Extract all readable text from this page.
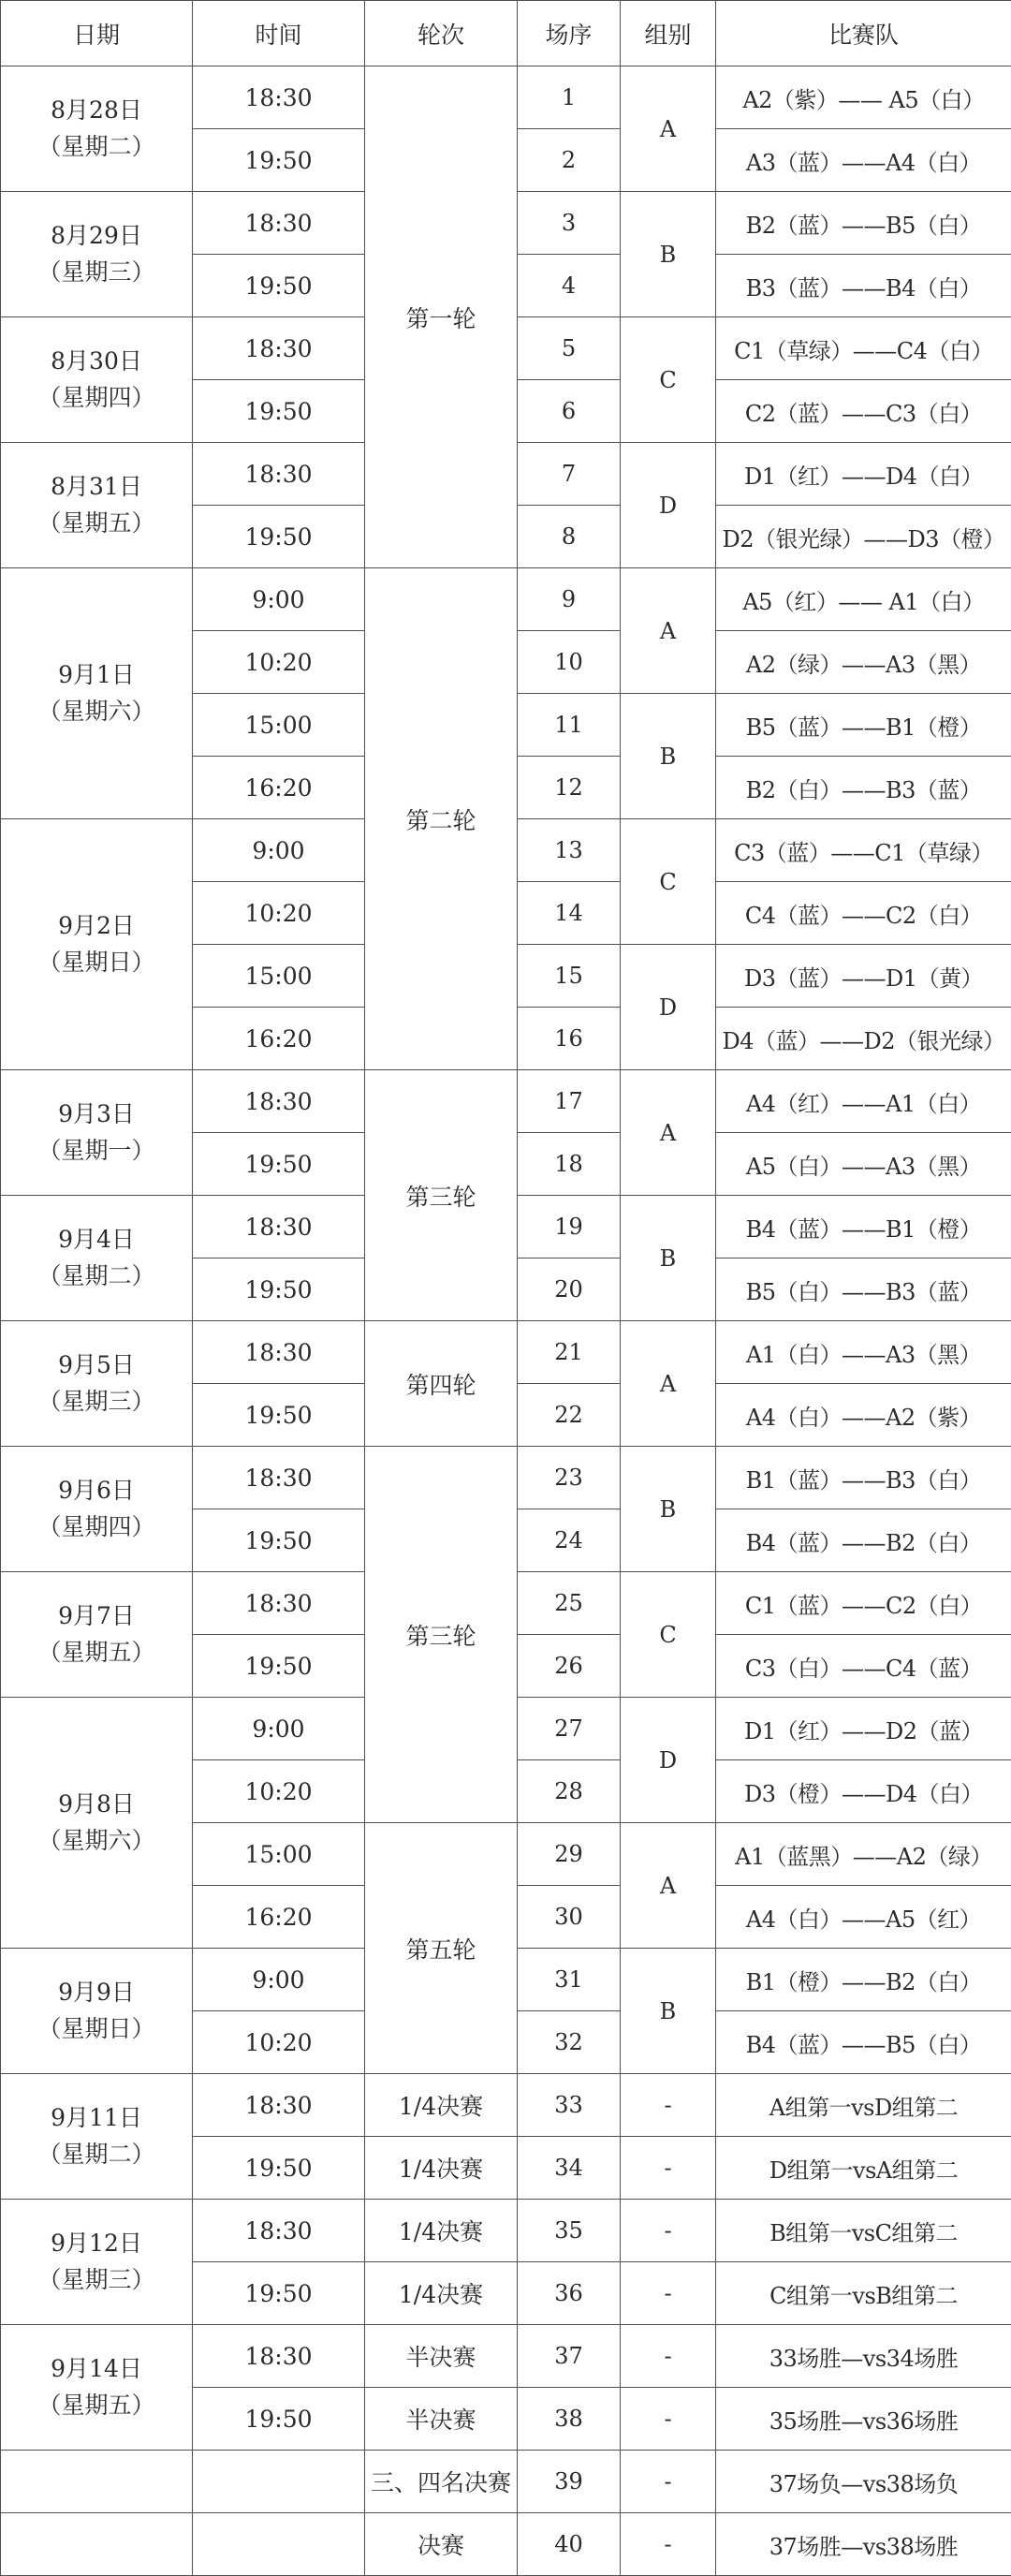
日期	时间	轮次	场序	组别	比赛队

8月28日
（星期二）	18:30	第一轮	1	A	A2（紫）—— A5（白）
	19:50		2		A3（蓝）——A4（白）

8月29日
（星期三）	18:30		3	B	B2（蓝）——B5（白）
	19:50		4		B3（蓝）——B4（白）

8月30日
（星期四）	18:30		5	C	C1（草绿）——C4（白）
	19:50		6		C2（蓝）——C3（白）

8月31日
（星期五）	18:30		7	D	D1（红）——D4（白）
	19:50		8		D2（银光绿）——D3（橙）

9月1日
（星期六）	9:00	第二轮	9	A	A5（红）—— A1（白）
	10:20		10		A2（绿）——A3（黑）
	15:00		11	B	B5（蓝）——B1（橙）
	16:20		12		B2（白）——B3（蓝）

9月2日
（星期日）	9:00		13	C	C3（蓝）——C1（草绿）
	10:20		14		C4（蓝）——C2（白）
	15:00		15	D	D3（蓝）——D1（黄）
	16:20		16		D4（蓝）——D2（银光绿）

9月3日
（星期一）	18:30	第三轮	17	A	A4（红）——A1（白）
	19:50		18		A5（白）——A3（黑）

9月4日
（星期二）	18:30		19	B	B4（蓝）——B1（橙）
	19:50		20		B5（白）——B3（蓝）

9月5日
（星期三）	18:30	第四轮	21	A	A1（白）——A3（黑）
	19:50		22		A4（白）——A2（紫）

9月6日
（星期四）	18:30	第三轮	23	B	B1（蓝）——B3（白）
	19:50		24		B4（蓝）——B2（白）

9月7日
（星期五）	18:30		25	C	C1（蓝）——C2（白）
	19:50		26		C3（白）——C4（蓝）

9月8日
（星期六）	9:00		27	D	D1（红）——D2（蓝）
	10:20		28		D3（橙）——D4（白）
	15:00	第五轮	29	A	A1（蓝黑）——A2（绿）
	16:20		30		A4（白）——A5（红）

9月9日
（星期日）	9:00		31	B	B1（橙）——B2（白）
	10:20		32		B4（蓝）——B5（白）

9月11日
（星期二）	18:30	1/4决赛	33	-	A组第一vsD组第二
	19:50	1/4决赛	34	-	D组第一vsA组第二

9月12日
（星期三）	18:30	1/4决赛	35	-	B组第一vsC组第二
	19:50	1/4决赛	36	-	C组第一vsB组第二

9月14日
（星期五）	18:30	半决赛	37	-	33场胜—vs34场胜
	19:50	半决赛	38	-	35场胜—vs36场胜
		三、四名决赛	39	-	37场负—vs38场负
		决赛	40	-	37场胜—vs38场胜
